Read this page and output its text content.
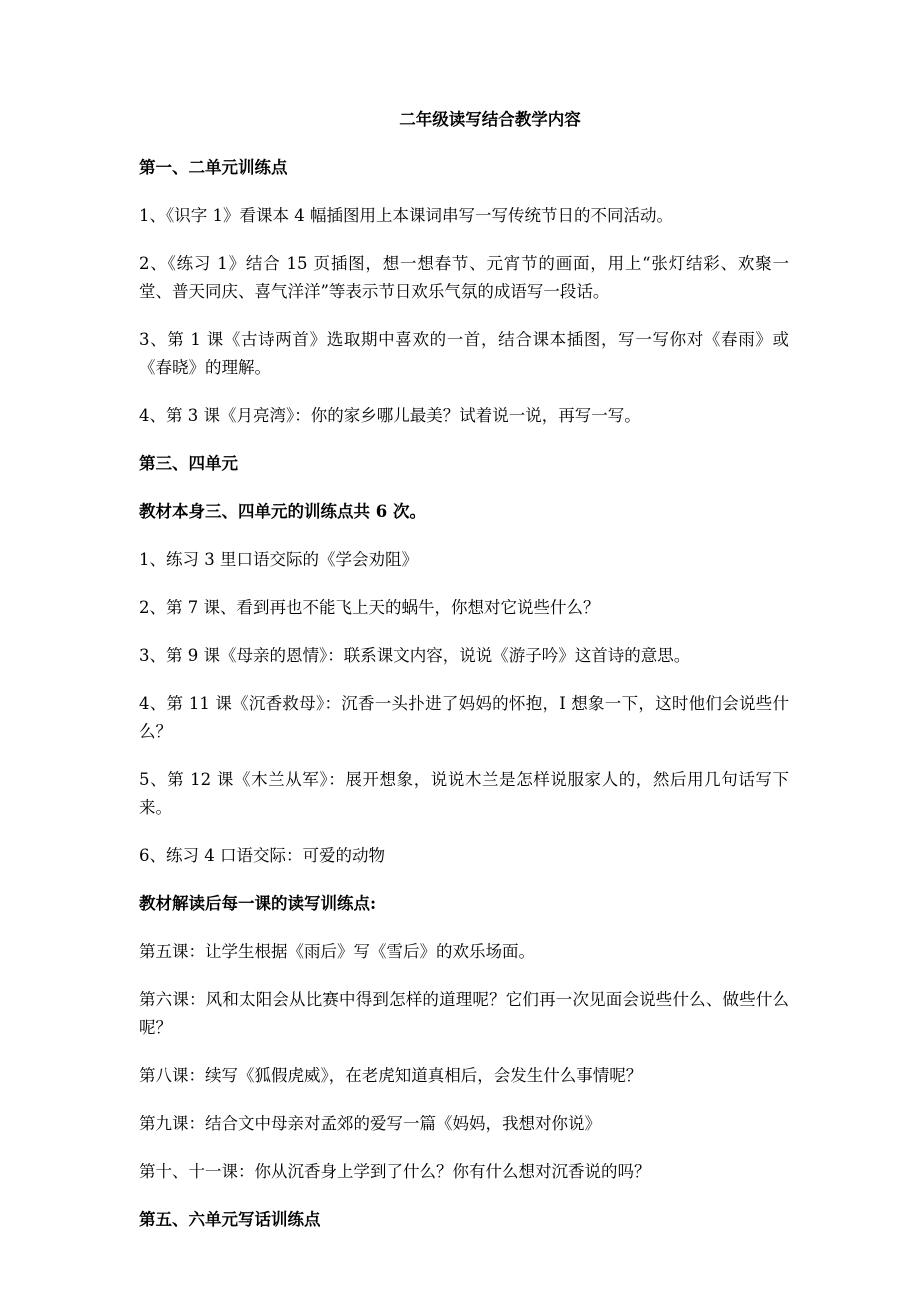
二年级读写结合教学内容

第一、二单元训练点

1、《识字 1》看课本 4 幅插图用上本课词串写一写传统节日的不同活动。

2、《练习 1》结合 15 页插图，想一想春节、元宵节的画面，用上“张灯结彩、欢聚一堂、普天同庆、喜气洋洋”等表示节日欢乐气氛的成语写一段话。

3、第 1 课《古诗两首》选取期中喜欢的一首，结合课本插图，写一写你对《春雨》或《春晓》的理解。

4、第 3 课《月亮湾》：你的家乡哪儿最美？试着说一说，再写一写。

第三、四单元

教材本身三、四单元的训练点共 6 次。

1、练习 3 里口语交际的《学会劝阻》

2、第 7 课、看到再也不能飞上天的蜗牛，你想对它说些什么？

3、第 9 课《母亲的恩情》：联系课文内容，说说《游子吟》这首诗的意思。

4、第 11 课《沉香救母》：沉香一头扑进了妈妈的怀抱，I 想象一下，这时他们会说些什么？

5、第 12 课《木兰从军》：展开想象，说说木兰是怎样说服家人的，然后用几句话写下来。

6、练习 4 口语交际：可爱的动物

教材解读后每一课的读写训练点:

第五课：让学生根据《雨后》写《雪后》的欢乐场面。

第六课：风和太阳会从比赛中得到怎样的道理呢？它们再一次见面会说些什么、做些什么呢？

第八课：续写《狐假虎威》，在老虎知道真相后，会发生什么事情呢？

第九课：结合文中母亲对孟郊的爱写一篇《妈妈，我想对你说》

第十、十一课：你从沉香身上学到了什么？你有什么想对沉香说的吗？

第五、六单元写话训练点
